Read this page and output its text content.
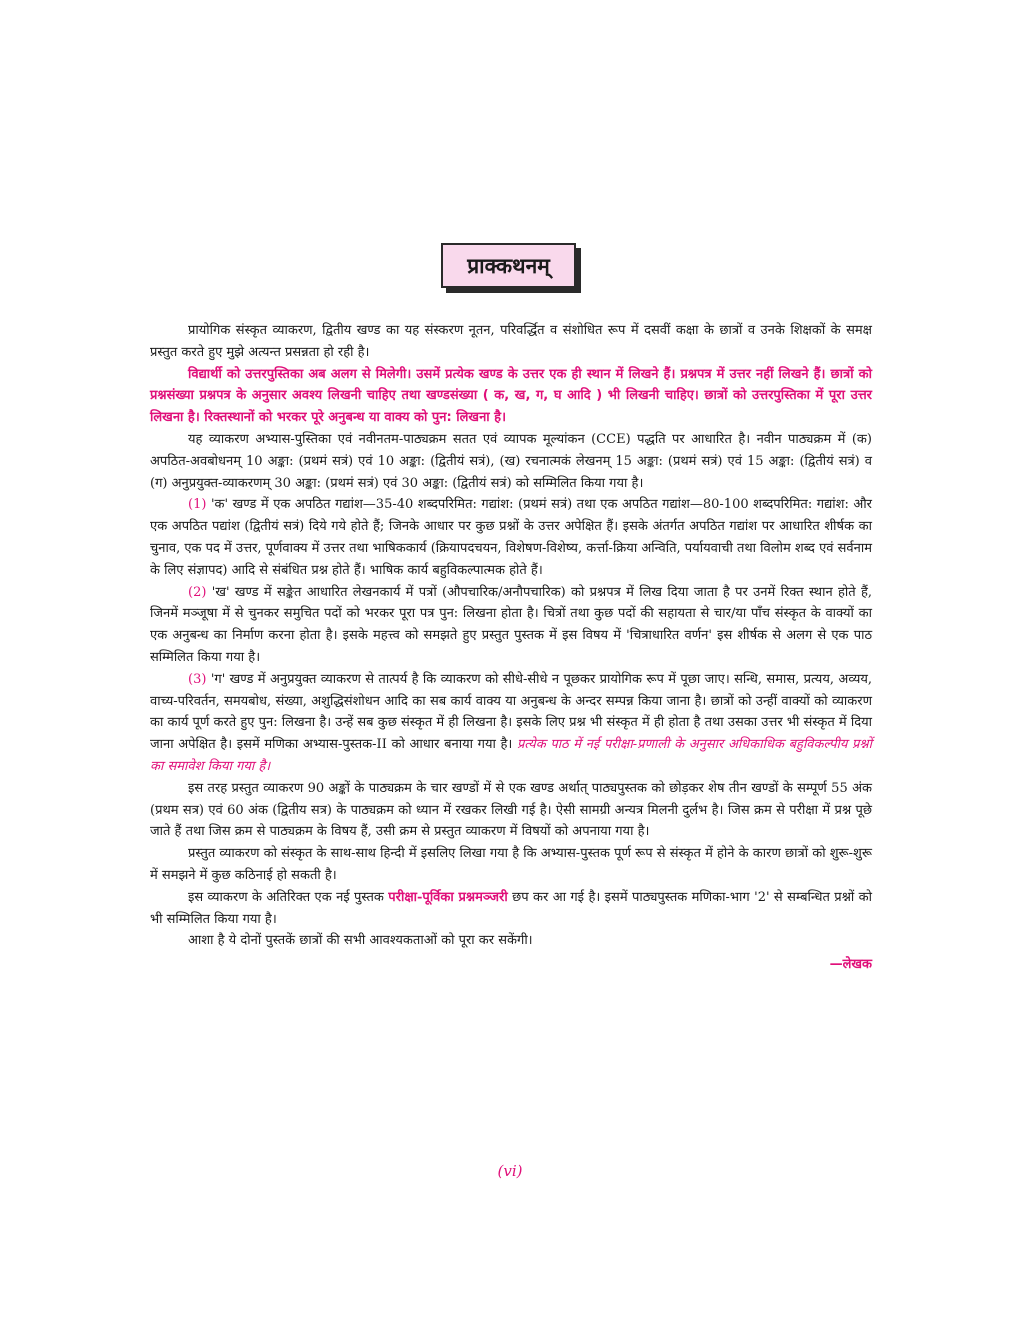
प्राक्कथनम्

प्रायोगिक संस्कृत व्याकरण, द्वितीय खण्ड का यह संस्करण नूतन, परिवर्द्धित व संशोधित रूप में दसवीं कक्षा के छात्रों व उनके शिक्षकों के समक्ष प्रस्तुत करते हुए मुझे अत्यन्त प्रसन्नता हो रही है।

विद्यार्थी को उत्तरपुस्तिका अब अलग से मिलेगी। उसमें प्रत्येक खण्ड के उत्तर एक ही स्थान में लिखने हैं। प्रश्नपत्र में उत्तर नहीं लिखने हैं। छात्रों को प्रश्नसंख्या प्रश्नपत्र के अनुसार अवश्य लिखनी चाहिए तथा खण्डसंख्या ( क, ख, ग, घ आदि ) भी लिखनी चाहिए। छात्रों को उत्तरपुस्तिका में पूरा उत्तर लिखना है। रिक्तस्थानों को भरकर पूरे अनुबन्ध या वाक्य को पुन: लिखना है।

यह व्याकरण अभ्यास-पुस्तिका एवं नवीनतम-पाठ्यक्रम सतत एवं व्यापक मूल्यांकन (CCE) पद्धति पर आधारित है। नवीन पाठ्यक्रम में (क) अपठित-अवबोधनम् 10 अङ्का: (प्रथमं सत्रं) एवं 10 अङ्का: (द्वितीयं सत्रं), (ख) रचनात्मकं लेखनम् 15 अङ्का: (प्रथमं सत्रं) एवं 15 अङ्का: (द्वितीयं सत्रं) व (ग) अनुप्रयुक्त-व्याकरणम् 30 अङ्का: (प्रथमं सत्रं) एवं 30 अङ्का: (द्वितीयं सत्रं) को सम्मिलित किया गया है।

(1) 'क' खण्ड में एक अपठित गद्यांश—35-40 शब्दपरिमित: गद्यांश: (प्रथमं सत्रं) तथा एक अपठित गद्यांश—80-100 शब्दपरिमित: गद्यांश: और एक अपठित पद्यांश (द्वितीयं सत्रं) दिये गये होते हैं; जिनके आधार पर कुछ प्रश्नों के उत्तर अपेक्षित हैं। इसके अंतर्गत अपठित गद्यांश पर आधारित शीर्षक का चुनाव, एक पद में उत्तर, पूर्णवाक्य में उत्तर तथा भाषिककार्य (क्रियापदचयन, विशेषण-विशेष्य, कर्त्ता-क्रिया अन्विति, पर्यायवाची तथा विलोम शब्द एवं सर्वनाम के लिए संज्ञापद) आदि से संबंधित प्रश्न होते हैं। भाषिक कार्य बहुविकल्पात्मक होते हैं।

(2) 'ख' खण्ड में सङ्केत आधारित लेखनकार्य में पत्रों (औपचारिक/अनौपचारिक) को प्रश्नपत्र में लिख दिया जाता है पर उनमें रिक्त स्थान होते हैं, जिनमें मञ्जूषा में से चुनकर समुचित पदों को भरकर पूरा पत्र पुन: लिखना होता है। चित्रों तथा कुछ पदों की सहायता से चार/या पाँच संस्कृत के वाक्यों का एक अनुबन्ध का निर्माण करना होता है। इसके महत्त्व को समझते हुए प्रस्तुत पुस्तक में इस विषय में 'चित्राधारित वर्णन' इस शीर्षक से अलग से एक पाठ सम्मिलित किया गया है।

(3) 'ग' खण्ड में अनुप्रयुक्त व्याकरण से तात्पर्य है कि व्याकरण को सीधे-सीधे न पूछकर प्रायोगिक रूप में पूछा जाए। सन्धि, समास, प्रत्यय, अव्यय, वाच्य-परिवर्तन, समयबोध, संख्या, अशुद्धिसंशोधन आदि का सब कार्य वाक्य या अनुबन्ध के अन्दर सम्पन्न किया जाना है। छात्रों को उन्हीं वाक्यों को व्याकरण का कार्य पूर्ण करते हुए पुन: लिखना है। उन्हें सब कुछ संस्कृत में ही लिखना है। इसके लिए प्रश्न भी संस्कृत में ही होता है तथा उसका उत्तर भी संस्कृत में दिया जाना अपेक्षित है। इसमें मणिका अभ्यास-पुस्तक-II को आधार बनाया गया है। प्रत्येक पाठ में नई परीक्षा-प्रणाली के अनुसार अधिकाधिक बहुविकल्पीय प्रश्नों का समावेश किया गया है।

इस तरह प्रस्तुत व्याकरण 90 अङ्कों के पाठ्यक्रम के चार खण्डों में से एक खण्ड अर्थात् पाठ्यपुस्तक को छोड़कर शेष तीन खण्डों के सम्पूर्ण 55 अंक (प्रथम सत्र) एवं 60 अंक (द्वितीय सत्र) के पाठ्यक्रम को ध्यान में रखकर लिखी गई है। ऐसी सामग्री अन्यत्र मिलनी दुर्लभ है। जिस क्रम से परीक्षा में प्रश्न पूछे जाते हैं तथा जिस क्रम से पाठ्यक्रम के विषय हैं, उसी क्रम से प्रस्तुत व्याकरण में विषयों को अपनाया गया है।

प्रस्तुत व्याकरण को संस्कृत के साथ-साथ हिन्दी में इसलिए लिखा गया है कि अभ्यास-पुस्तक पूर्ण रूप से संस्कृत में होने के कारण छात्रों को शुरू-शुरू में समझने में कुछ कठिनाई हो सकती है।

इस व्याकरण के अतिरिक्त एक नई पुस्तक परीक्षा-पूर्विका प्रश्नमञ्जरी छप कर आ गई है। इसमें पाठ्यपुस्तक मणिका-भाग '2' से सम्बन्धित प्रश्नों को भी सम्मिलित किया गया है।

आशा है ये दोनों पुस्तकें छात्रों की सभी आवश्यकताओं को पूरा कर सकेंगी।

—लेखक

(vi)
